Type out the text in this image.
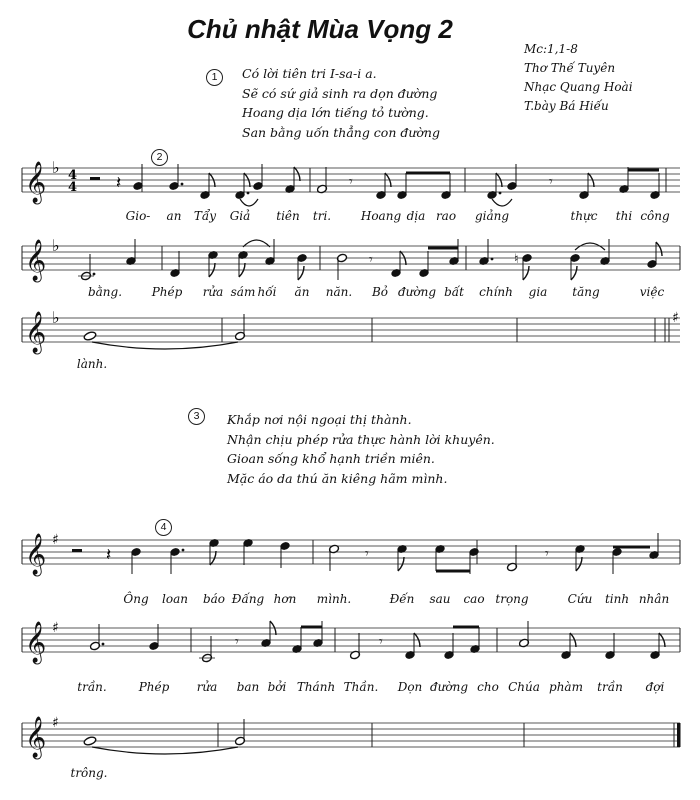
Chủ nhật Mùa Vọng 2
Mc:1,1-8
Thơ Thế Tuyên
Nhạc Quang Hoài
T.bày Bá Hiếu
1	Có lời tiên tri I-sa-i a.
Sẽ có sứ giả sinh ra dọn đường
Hoang dịa lớn tiếng tỏ tường.
San bằng uốn thẳng con đường
3	Khắp nơi nội ngoại thị thành.
Nhận chịu phép rửa thực hành lời khuyên.
Gioan sống khổ hạnh triền miên.
Mặc áo da thú ăn kiêng hãm mình.
2
4
Gio- an Tẩy Giả tiên tri. Hoang dịa rao giảng	thực thi công
bằng. Phép rửa sám hối ăn năn. Bỏ đường bất chính gia tăng	việc
lành.
Ông loan báo Đấng hơn mình.	Đến sau cao trọng	Cứu tinh nhân
trần.	Phép rửa ban bởi Thánh Thần. Dọn đường cho Chúa phàm trần đợi
trông.
𝄞 ♭ 4
4
𝄞 ♭
𝄞 ♭	♯
𝄞 ♯
𝄞 ♯
𝄞 ♯
𝄽	𝄾	𝄾
𝄾	♮
𝄽	𝄾	𝄾
𝄾	𝄾
